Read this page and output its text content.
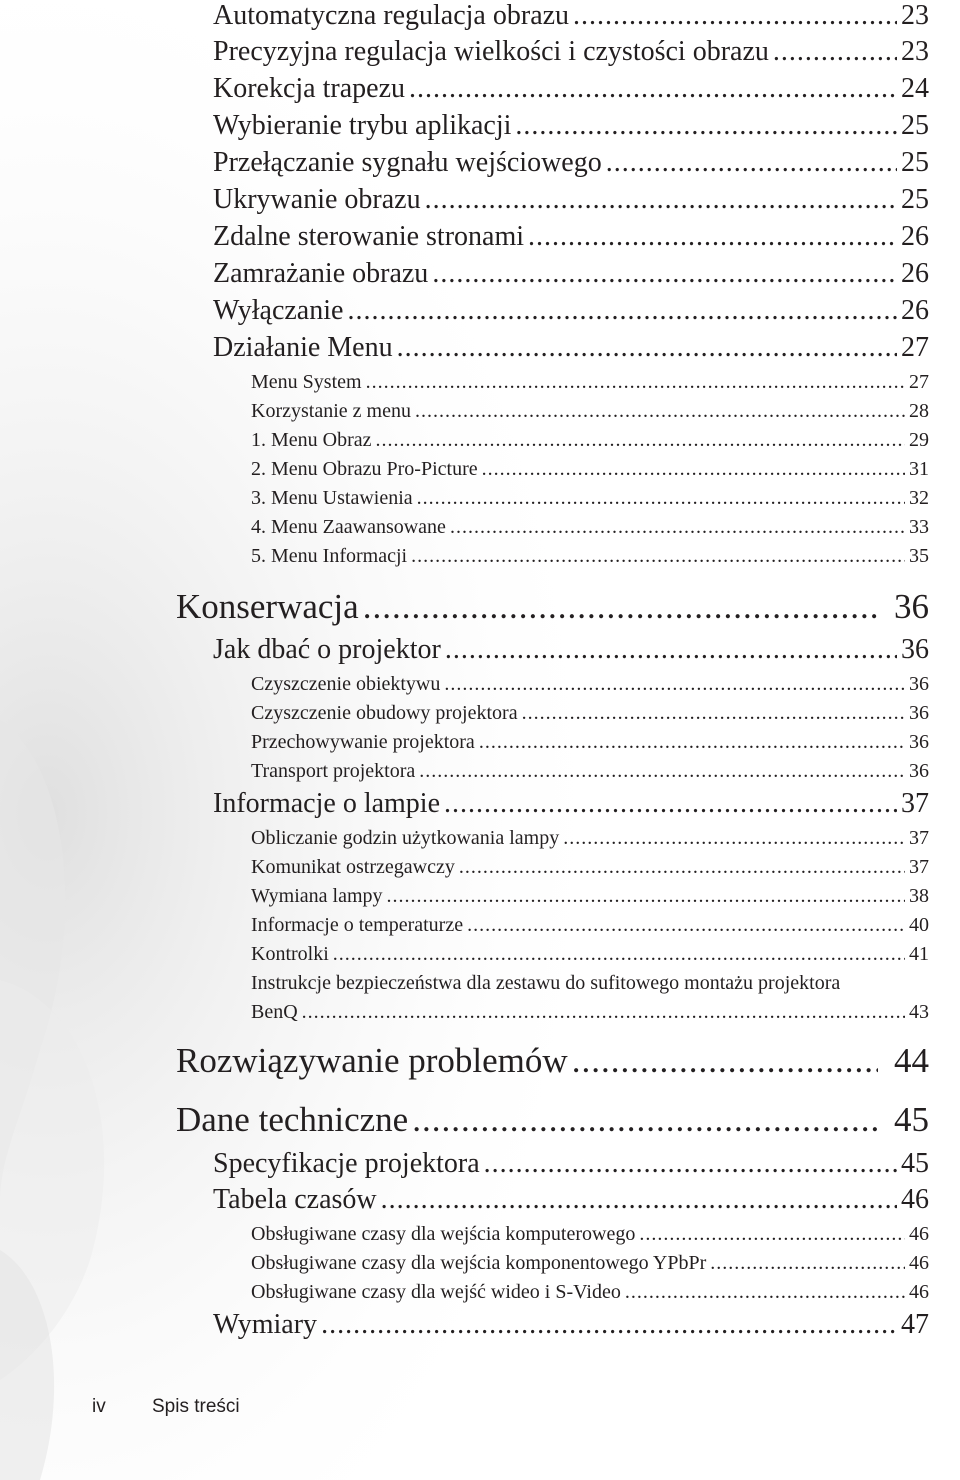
Automatyczna regulacja obrazu .....	23
Precyzyjna regulacja wielkości i czystości obrazu .....	23
Korekcja trapezu .....	24
Wybieranie trybu aplikacji .....	25
Przełączanie sygnału wejściowego .....	25
Ukrywanie obrazu .....	25
Zdalne sterowanie stronami .....	26
Zamrażanie obrazu .....	26
Wyłączanie .....	26
Działanie Menu .....	27
Menu System .....	27
Korzystanie z menu .....	28
1. Menu Obraz .....	29
2. Menu Obrazu Pro-Picture .....	31
3. Menu Ustawienia .....	32
4. Menu Zaawansowane .....	33
5. Menu Informacji .....	35
Konserwacja .....	36
Jak dbać o projektor .....	36
Czyszczenie obiektywu .....	36
Czyszczenie obudowy projektora .....	36
Przechowywanie projektora .....	36
Transport projektora .....	36
Informacje o lampie .....	37
Obliczanie godzin użytkowania lampy .....	37
Komunikat ostrzegawczy .....	37
Wymiana lampy .....	38
Informacje o temperaturze .....	40
Kontrolki .....	41
Instrukcje bezpieczeństwa dla zestawu do sufitowego montażu projektora
BenQ .....	43
Rozwiązywanie problemów .....	44
Dane techniczne .....	45
Specyfikacje projektora .....	45
Tabela czasów .....	46
Obsługiwane czasy dla wejścia komputerowego .....	46
Obsługiwane czasy dla wejścia komponentowego YPbPr .....	46
Obsługiwane czasy dla wejść wideo i S-Video .....	46
Wymiary .....	47
iv Spis treści
